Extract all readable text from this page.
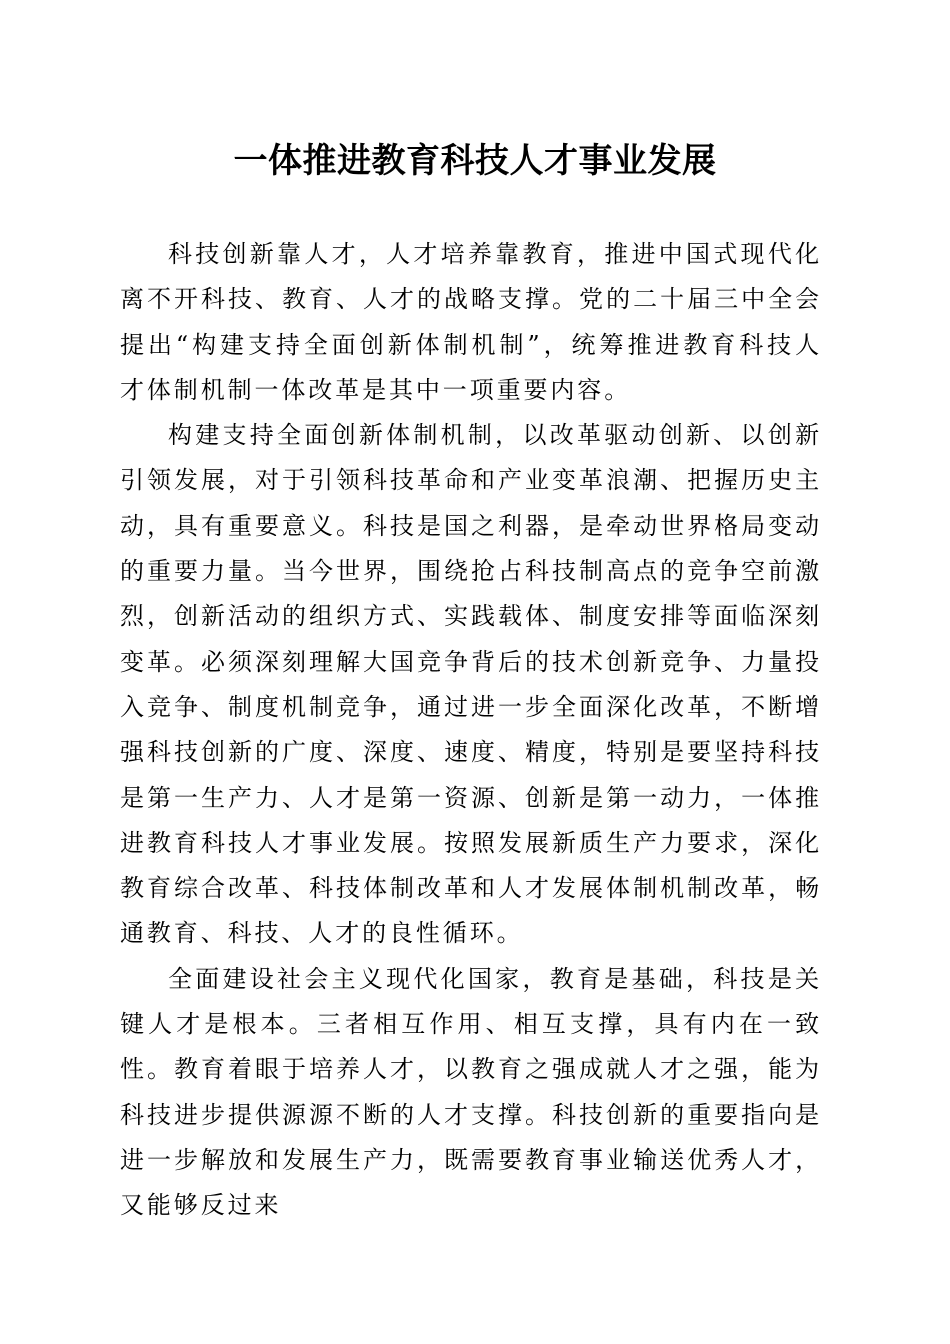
一体推进教育科技人才事业发展

科技创新靠人才，人才培养靠教育，推进中国式现代化离不开科技、教育、人才的战略支撑。党的二十届三中全会提出“构建支持全面创新体制机制”，统筹推进教育科技人才体制机制一体改革是其中一项重要内容。

构建支持全面创新体制机制，以改革驱动创新、以创新引领发展，对于引领科技革命和产业变革浪潮、把握历史主动，具有重要意义。科技是国之利器，是牵动世界格局变动的重要力量。当今世界，围绕抢占科技制高点的竞争空前激烈，创新活动的组织方式、实践载体、制度安排等面临深刻变革。必须深刻理解大国竞争背后的技术创新竞争、力量投入竞争、制度机制竞争，通过进一步全面深化改革，不断增强科技创新的广度、深度、速度、精度，特别是要坚持科技是第一生产力、人才是第一资源、创新是第一动力，一体推进教育科技人才事业发展。按照发展新质生产力要求，深化教育综合改革、科技体制改革和人才发展体制机制改革，畅通教育、科技、人才的良性循环。

全面建设社会主义现代化国家，教育是基础，科技是关键人才是根本。三者相互作用、相互支撑，具有内在一致性。教育着眼于培养人才，以教育之强成就人才之强，能为科技进步提供源源不断的人才支撑。科技创新的重要指向是进一步解放和发展生产力，既需要教育事业输送优秀人才，又能够反过来
